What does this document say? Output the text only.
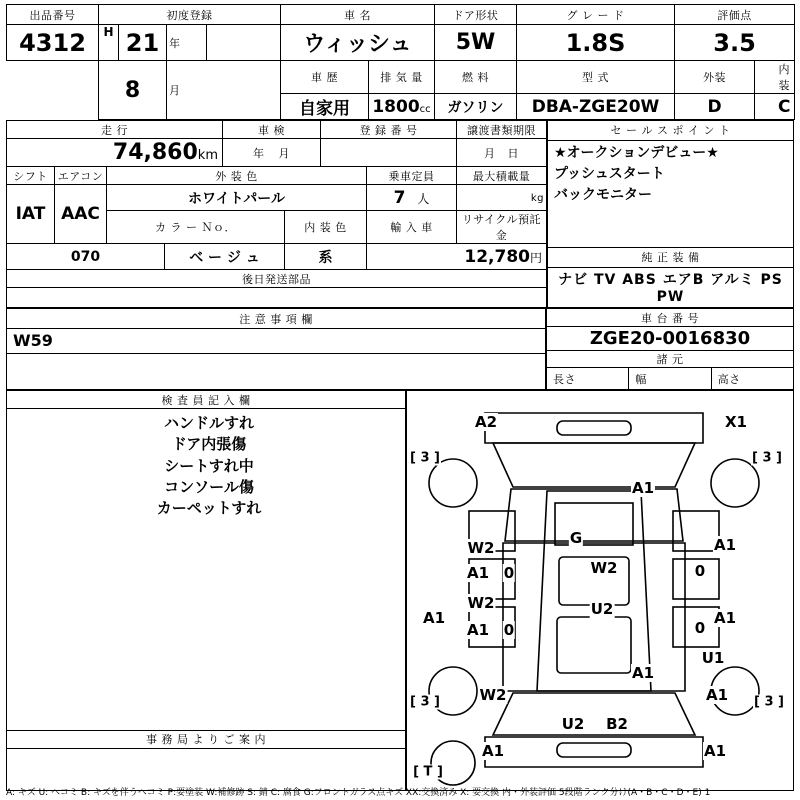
出品番号	初度登録				車 名		ドア形状	グ レ ー ド	評価点		
4312	H	21	年		ウィッシュ		5W	1.8S	3.5		
	8		月		車 歴	排 気 量	燃 料	型 式	外装		内装
					自家用	1800cc	ガソリン	DBA-ZGE20W	D		C
走 行				車 検		登 録 番 号		譲渡書類期限
74,860km				年 月				月 日
シフト	エアコン	外 装 色					乗車定員	最大積載量
IAT	AAC	ホワイトパール					7 人	kg
		カ ラ ー Ｎｏ．			内 装 色		輸 入 車	リサイクル預託金
070			ベ ー ジ ュ		系		12,780円	
後日発送部品								

セ ー ル ス ポ イ ン ト

★オークションデビュー★
プッシュスタート
バックモニター

純 正 装 備
ナビ TV ABS エアB アルミ PS PW
注 意 事 項 欄
W59

車 台 番 号
ZGE20-0016830
諸 元
長さ	幅	高さ
検 査 員 記 入 欄

ハンドルすれ
ドア内張傷
シートすれ中
コンソール傷
カーペットすれ

事 務 局 よ り ご 案 内

A2	X1
[ 3 ]	[ 3 ]
A1
W2
G	A1
A1 0	W2	0
W2	U2
A1
A1 0	0
A1
U1
A1
W2	A1
[ 3 ]	[ 3 ]
U2 B2
A1	A1
[ T ]
A: キズ U: ヘコミ B: キズを伴うヘコミ P:要塗装 W:補修跡 S: 錆 C: 腐食 G:フロントガラス点キズ XX:交換済み X: 要交換 内・外装評価 5段階ランク分け(A・B・C・D・E) 1
